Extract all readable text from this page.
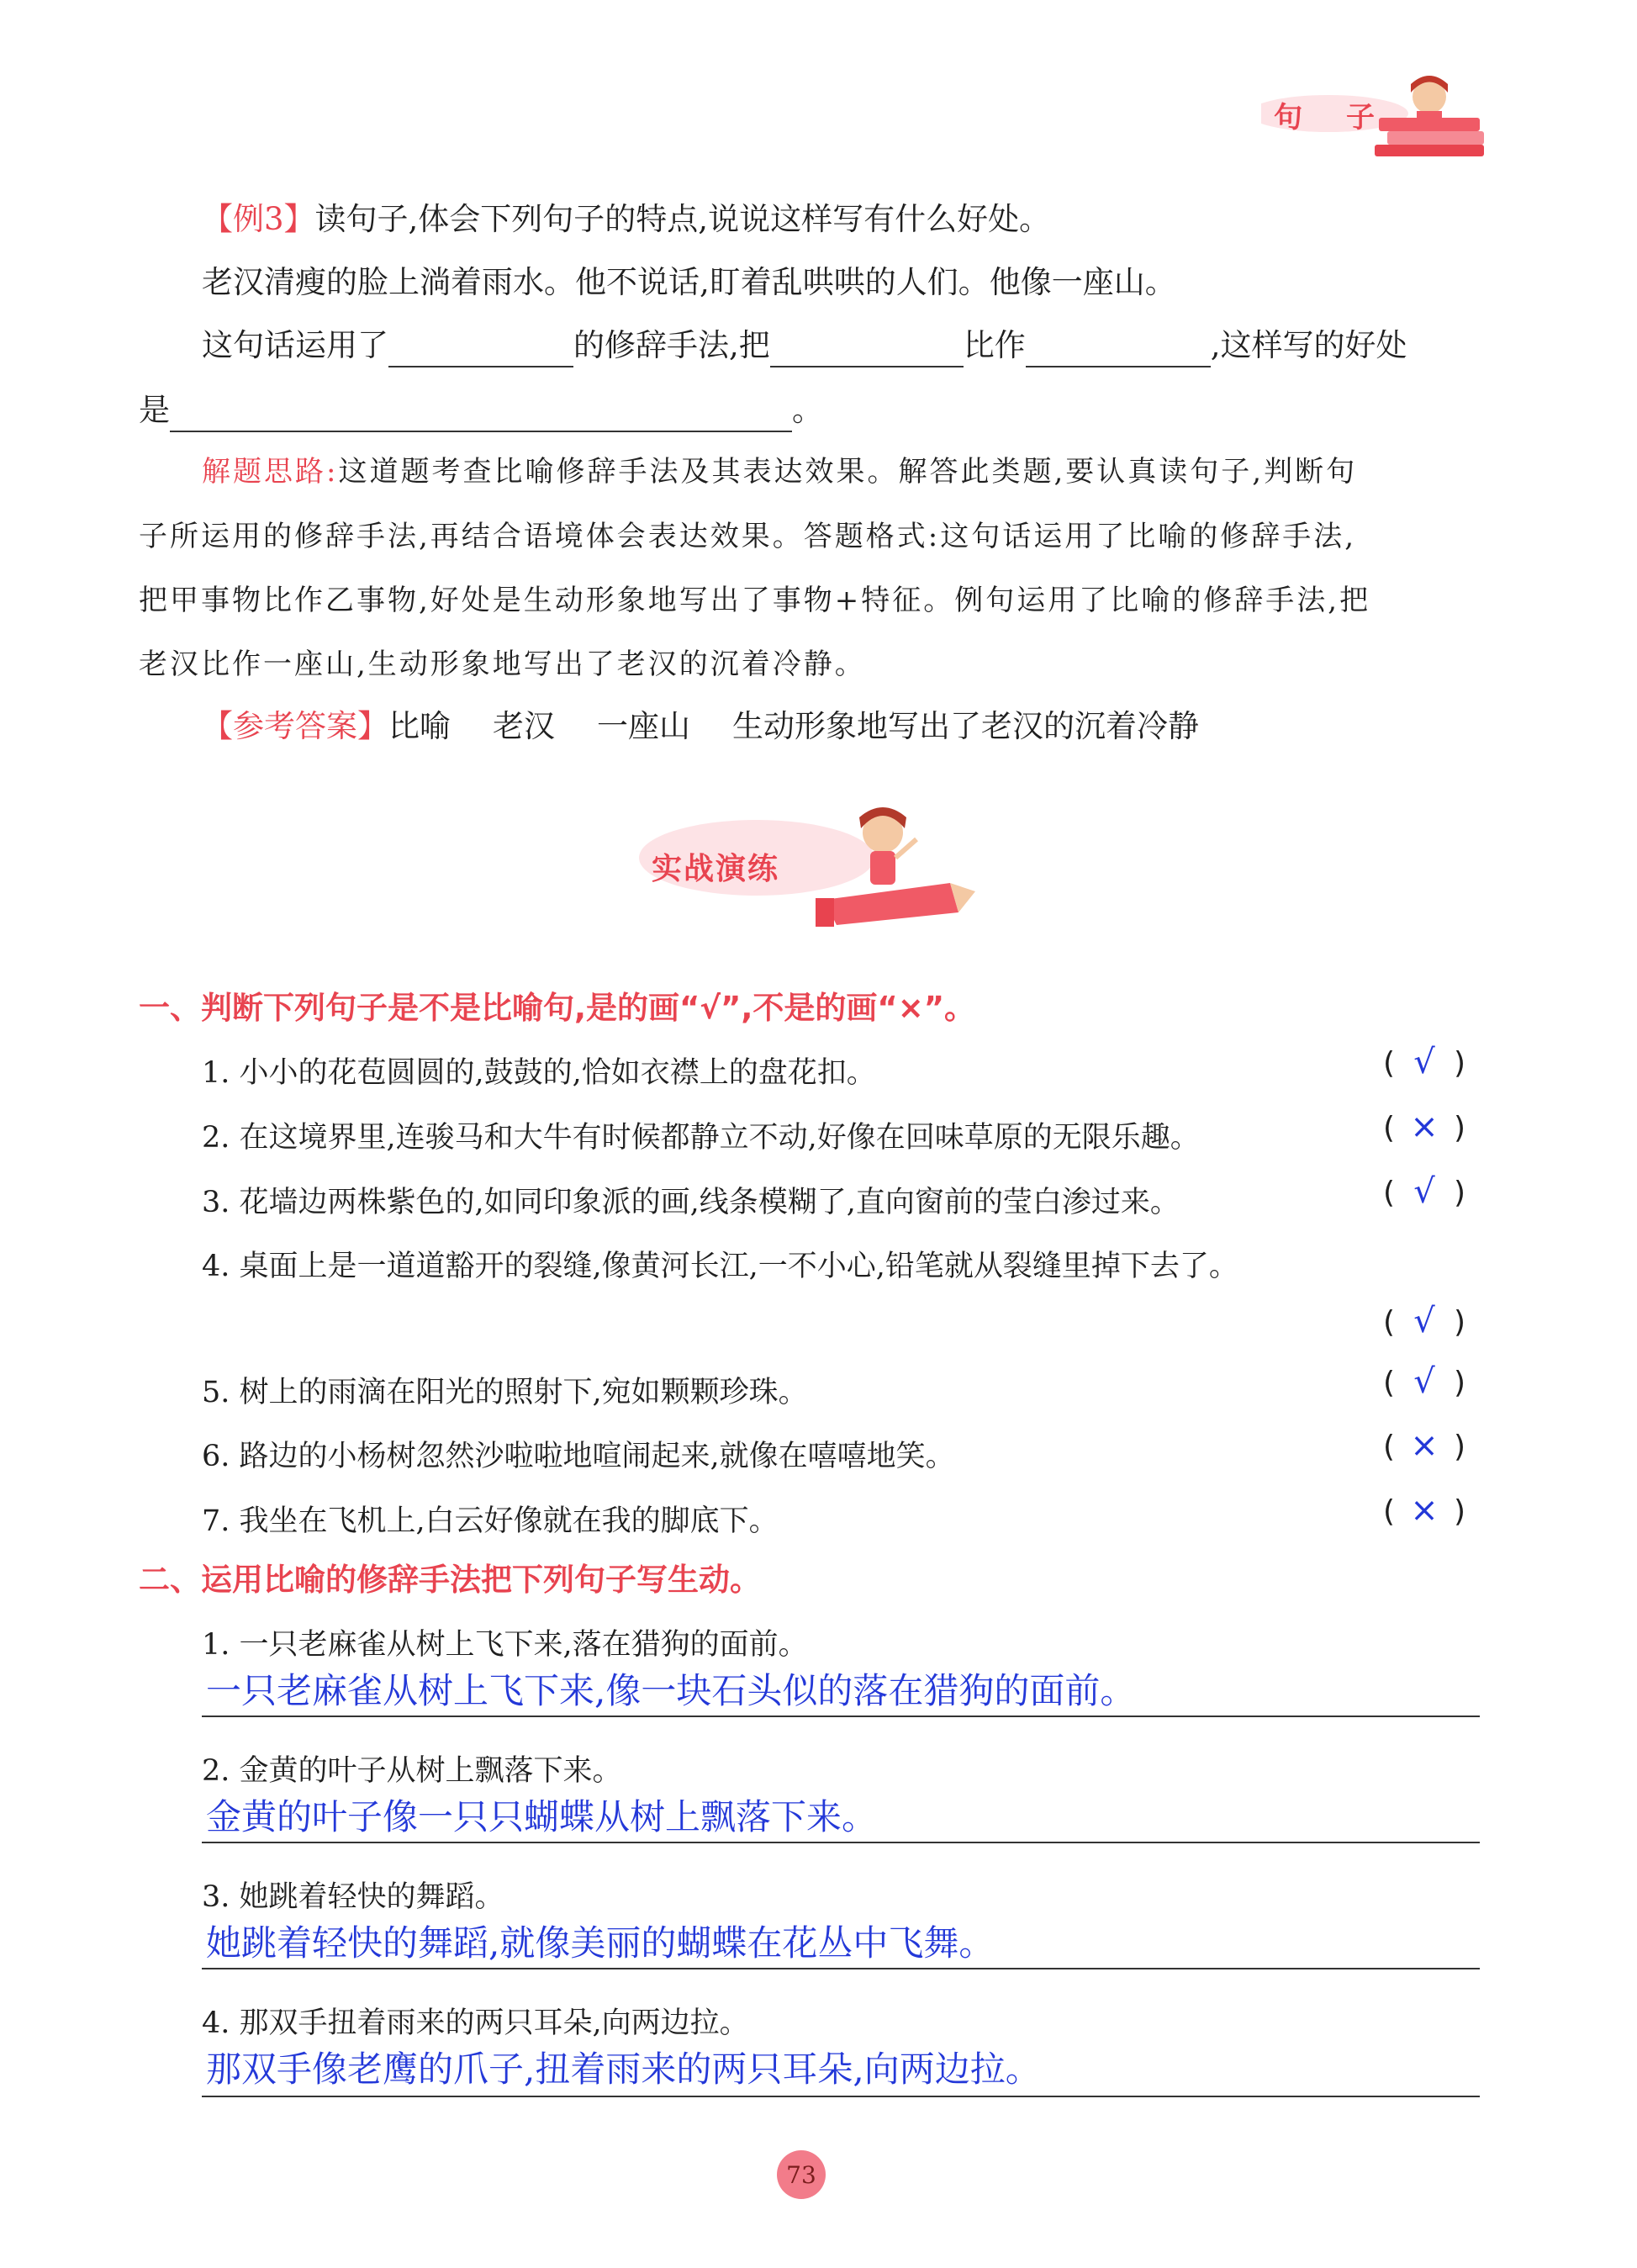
句子
【例3】读句子,体会下列句子的特点,说说这样写有什么好处。
老汉清瘦的脸上淌着雨水。他不说话,盯着乱哄哄的人们。他像一座山。
这句话运用了	的修辞手法,把	比作	,这样写的好处
是	。
解题思路:这道题考查比喻修辞手法及其表达效果。解答此类题,要认真读句子,判断句
子所运用的修辞手法,再结合语境体会表达效果。答题格式:这句话运用了比喻的修辞手法,
把甲事物比作乙事物,好处是生动形象地写出了事物+特征。例句运用了比喻的修辞手法,把
老汉比作一座山,生动形象地写出了老汉的沉着冷静。
【参考答案】比喻 老汉 一座山 生动形象地写出了老汉的沉着冷静
实战演练
一、判断下列句子是不是比喻句,是的画“√”,不是的画“×”。
1. 小小的花苞圆圆的,鼓鼓的,恰如衣襟上的盘花扣。	( √ )
2. 在这境界里,连骏马和大牛有时候都静立不动,好像在回味草原的无限乐趣。	( × )
3. 花墙边两株紫色的,如同印象派的画,线条模糊了,直向窗前的莹白渗过来。	( √ )
4. 桌面上是一道道豁开的裂缝,像黄河长江,一不小心,铅笔就从裂缝里掉下去了。
( √ )
5. 树上的雨滴在阳光的照射下,宛如颗颗珍珠。	( √ )
6. 路边的小杨树忽然沙啦啦地喧闹起来,就像在嘻嘻地笑。	( × )
7. 我坐在飞机上,白云好像就在我的脚底下。	( × )
二、运用比喻的修辞手法把下列句子写生动。
1. 一只老麻雀从树上飞下来,落在猎狗的面前。
一只老麻雀从树上飞下来,像一块石头似的落在猎狗的面前。
2. 金黄的叶子从树上飘落下来。
金黄的叶子像一只只蝴蝶从树上飘落下来。
3. 她跳着轻快的舞蹈。
她跳着轻快的舞蹈,就像美丽的蝴蝶在花丛中飞舞。
4. 那双手扭着雨来的两只耳朵,向两边拉。
那双手像老鹰的爪子,扭着雨来的两只耳朵,向两边拉。
73
